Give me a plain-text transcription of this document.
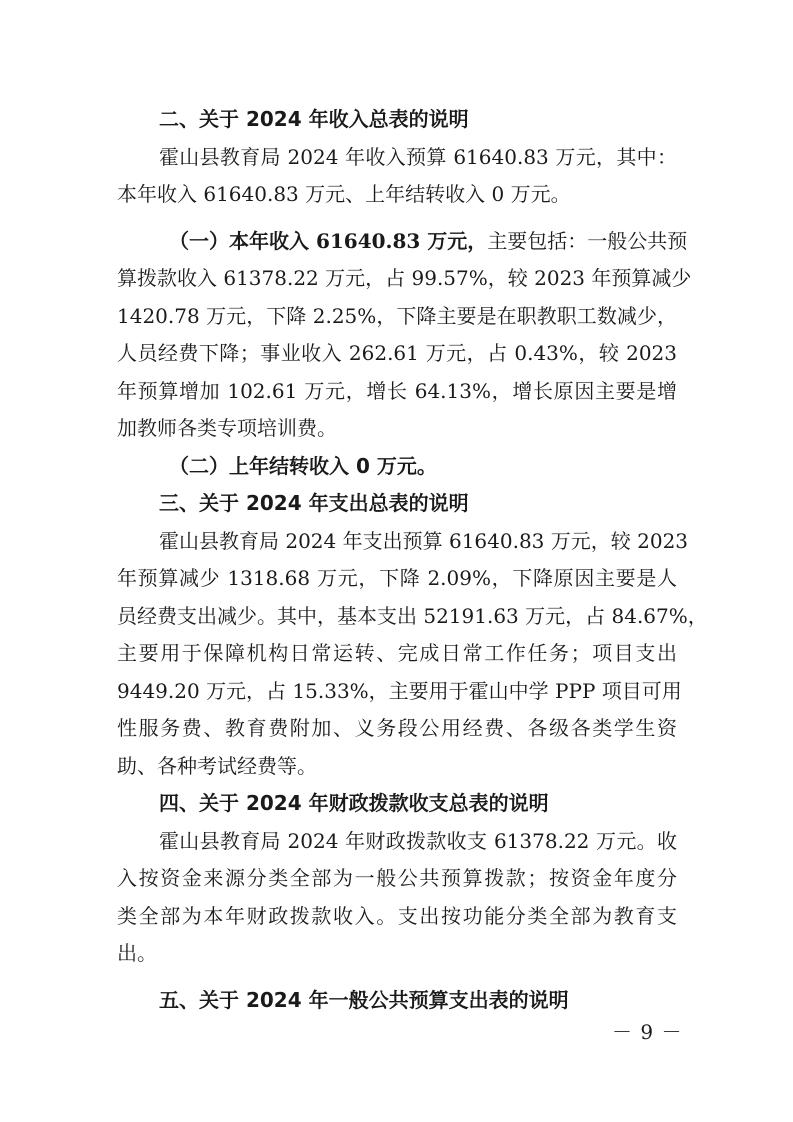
二、关于 2024 年收入总表的说明
霍山县教育局 2024 年收入预算 61640.83 万元，其中：
本年收入 61640.83 万元、上年结转收入 0 万元。
（一）本年收入 61640.83 万元，主要包括：一般公共预
算拨款收入 61378.22 万元，占 99.57%，较 2023 年预算减少
1420.78 万元，下降 2.25%，下降主要是在职教职工数减少，
人员经费下降；事业收入 262.61 万元，占 0.43%，较 2023
年预算增加 102.61 万元，增长 64.13%，增长原因主要是增
加教师各类专项培训费。
（二）上年结转收入 0 万元。
三、关于 2024 年支出总表的说明
霍山县教育局 2024 年支出预算 61640.83 万元，较 2023
年预算减少 1318.68 万元，下降 2.09%，下降原因主要是人
员经费支出减少。其中，基本支出 52191.63 万元，占 84.67%，
主要用于保障机构日常运转、完成日常工作任务；项目支出
9449.20 万元，占 15.33%，主要用于霍山中学 PPP 项目可用
性服务费、教育费附加、义务段公用经费、各级各类学生资
助、各种考试经费等。
四、关于 2024 年财政拨款收支总表的说明
霍山县教育局 2024 年财政拨款收支 61378.22 万元。收
入按资金来源分类全部为一般公共预算拨款；按资金年度分
类全部为本年财政拨款收入。支出按功能分类全部为教育支
出。
五、关于 2024 年一般公共预算支出表的说明
－ 9 －
